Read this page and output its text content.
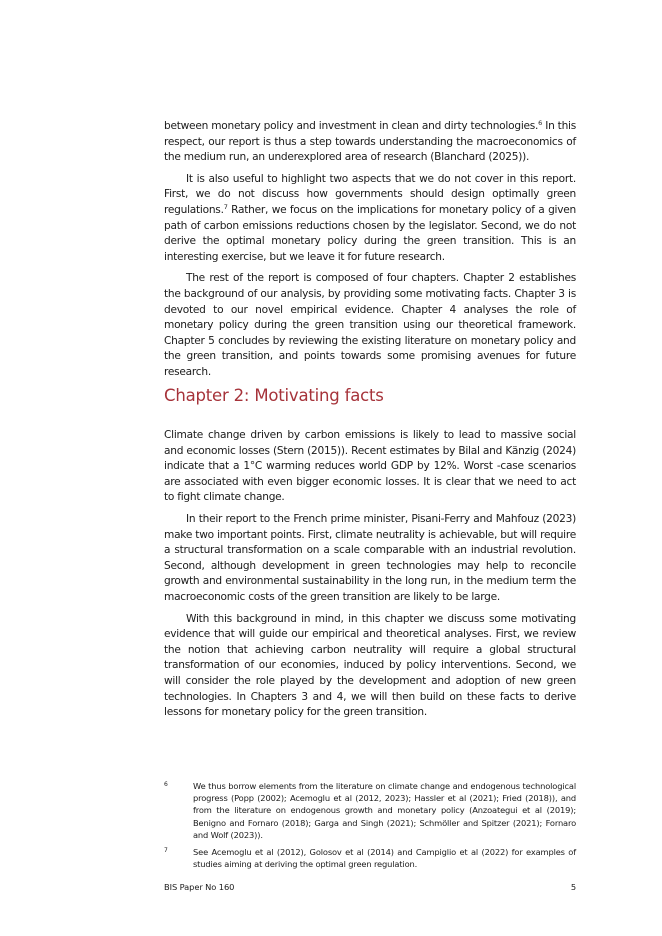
between monetary policy and investment in clean and dirty technologies.$^6$ In this respect, our report is thus a step towards understanding the macroeconomics of the medium run, an underexplored area of research (Blanchard (2025)).

It is also useful to highlight two aspects that we do not cover in this report. First, we do not discuss how governments should design optimally green regulations.$^7$ Rather, we focus on the implications for monetary policy of a given path of carbon emissions reductions chosen by the legislator. Second, we do not derive the optimal monetary policy during the green transition. This is an interesting exercise, but we leave it for future research.

The rest of the report is composed of four chapters. Chapter 2 establishes the background of our analysis, by providing some motivating facts. Chapter 3 is devoted to our novel empirical evidence. Chapter 4 analyses the role of monetary policy during the green transition using our theoretical framework. Chapter 5 concludes by reviewing the existing literature on monetary policy and the green transition, and points towards some promising avenues for future research.

Chapter 2: Motivating facts

Climate change driven by carbon emissions is likely to lead to massive social and economic losses (Stern (2015)). Recent estimates by Bilal and Känzig (2024) indicate that a 1°C warming reduces world GDP by 12%. Worst -case scenarios are associated with even bigger economic losses. It is clear that we need to act to fight climate change.

In their report to the French prime minister, Pisani-Ferry and Mahfouz (2023) make two important points. First, climate neutrality is achievable, but will require a structural transformation on a scale comparable with an industrial revolution. Second, although development in green technologies may help to reconcile growth and environmental sustainability in the long run, in the medium term the macroeconomic costs of the green transition are likely to be large.

With this background in mind, in this chapter we discuss some motivating evidence that will guide our empirical and theoretical analyses. First, we review the notion that achieving carbon neutrality will require a global structural transformation of our economies, induced by policy interventions. Second, we will consider the role played by the development and adoption of new green technologies. In Chapters 3 and 4, we will then build on these facts to derive lessons for monetary policy for the green transition.

6	We thus borrow elements from the literature on climate change and endogenous technological progress (Popp (2002); Acemoglu et al (2012, 2023); Hassler et al (2021); Fried (2018)), and from the literature on endogenous growth and monetary policy (Anzoategui et al (2019); Benigno and Fornaro (2018); Garga and Singh (2021); Schmöller and Spitzer (2021); Fornaro and Wolf (2023)).
7	See Acemoglu et al (2012), Golosov et al (2014) and Campiglio et al (2022) for examples of studies aiming at deriving the optimal green regulation.
BIS Paper No 160	5
